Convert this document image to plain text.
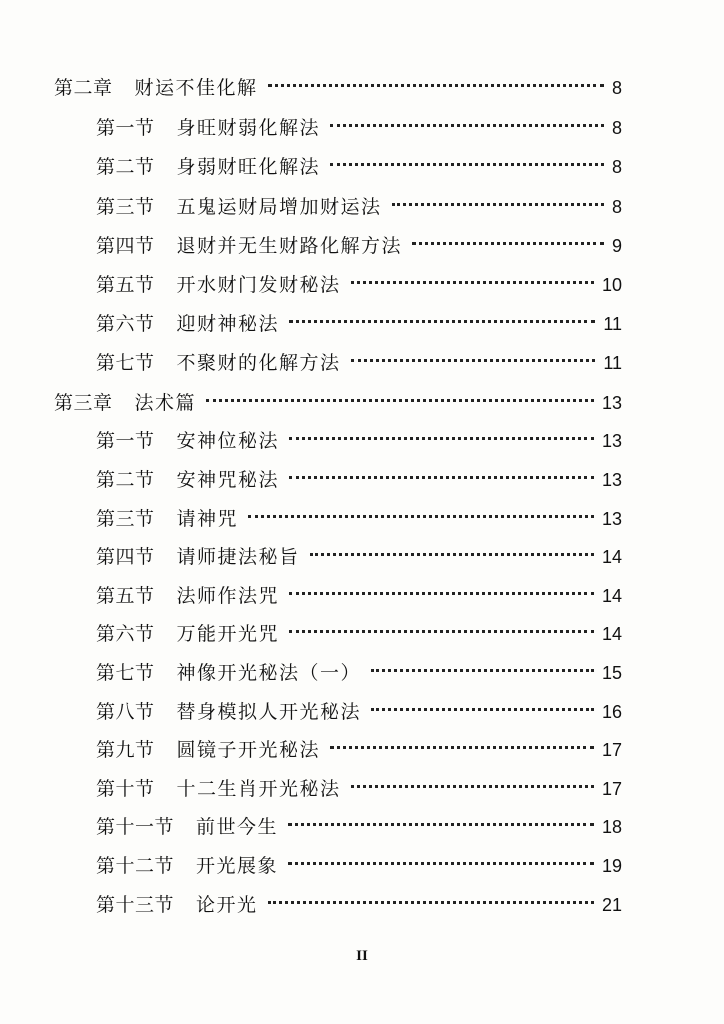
第二章 财运不佳化解	8
第一节 身旺财弱化解法	8
第二节 身弱财旺化解法	8
第三节 五鬼运财局增加财运法	8
第四节 退财并无生财路化解方法	9
第五节 开水财门发财秘法	10
第六节 迎财神秘法	11
第七节 不聚财的化解方法	11
第三章 法术篇	13
第一节 安神位秘法	13
第二节 安神咒秘法	13
第三节 请神咒	13
第四节 请师捷法秘旨	14
第五节 法师作法咒	14
第六节 万能开光咒	14
第七节 神像开光秘法（一）	15
第八节 替身模拟人开光秘法	16
第九节 圆镜子开光秘法	17
第十节 十二生肖开光秘法	17
第十一节 前世今生	18
第十二节 开光展象	19
第十三节 论开光	21
II
